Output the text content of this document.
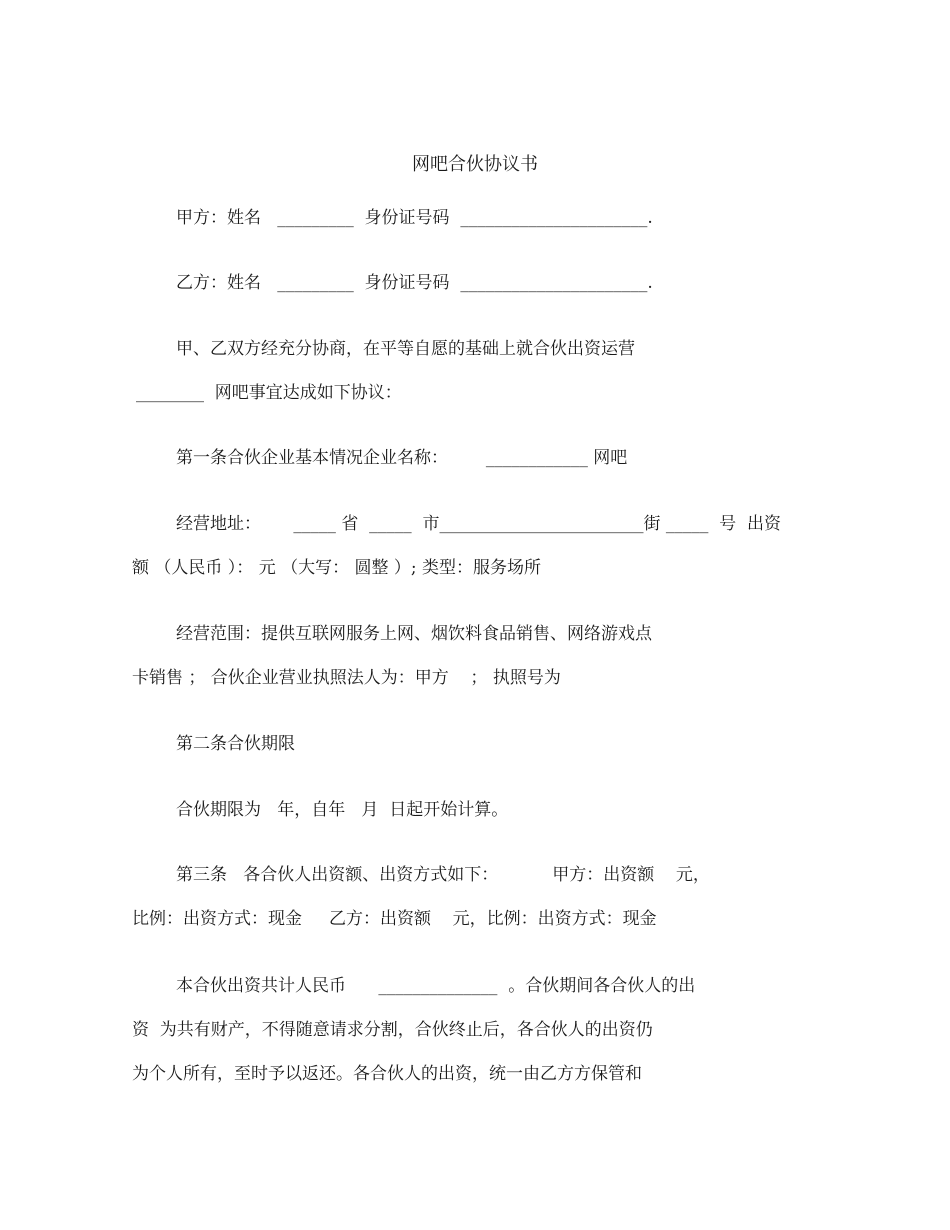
网吧合伙协议书
甲方：姓名   _________  身份证号码  ______________________.
乙方：姓名   _________  身份证号码  ______________________.
甲、乙双方经充分协商，在平等自愿的基础上就合伙出资运营
________  网吧事宜达成如下协议：
第一条合伙企业基本情况企业名称：       ____________ 网吧
经营地址：      _____ 省  _____  市________________________街 _____  号  出资
额 （人民币 ）： 元 （大写： 圆整 ）; 类型：服务场所
经营范围：提供互联网服务上网、烟饮料食品销售、网络游戏点
卡销售 ； 合伙企业营业执照法人为：甲方    ； 执照号为
第二条合伙期限
合伙期限为   年，自年   月  日起开始计算。
第三条   各合伙人出资额、出资方式如下：          甲方：出资额    元，
比例：出资方式：现金     乙方：出资额    元，比例：出资方式：现金
本合伙出资共计人民币      ______________  。合伙期间各合伙人的出
资  为共有财产，不得随意请求分割，合伙终止后，各合伙人的出资仍
为个人所有，至时予以返还。各合伙人的出资，统一由乙方方保管和
